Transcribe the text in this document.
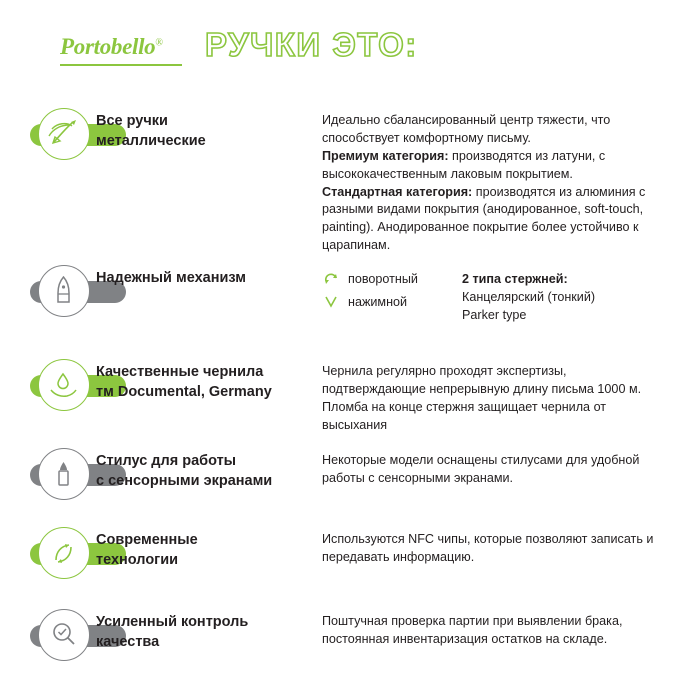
Portobello® РУЧКИ ЭТО:
Все ручки
металлические
Идеально сбалансированный центр тяжести, что способствует комфортному письму.
Премиум категория: производятся из латуни, с высококачественным лаковым покрытием.
Стандартная категория: производятся из алюминия с разными видами покрытия (анодированное, soft-touch, painting). Анодированное покрытие более устойчиво к царапинам.
Надежный механизм	поворотный
нажимной
2 типа стержней:
Канцелярский (тонкий)
Parker type
Качественные чернила
тм Documental, Germany
Чернила регулярно проходят экспертизы, подтверждающие непрерывную длину письма 1000 м. Пломба на конце стержня защищает чернила от высыхания
Стилус для работы
с сенсорными экранами
Некоторые модели оснащены стилусами для удобной работы с сенсорными экранами.
Современные
технологии
Используются NFC чипы, которые позволяют записать и передавать информацию.
Усиленный контроль
качества
Поштучная проверка партии при выявлении брака, постоянная инвентаризация остатков на складе.
